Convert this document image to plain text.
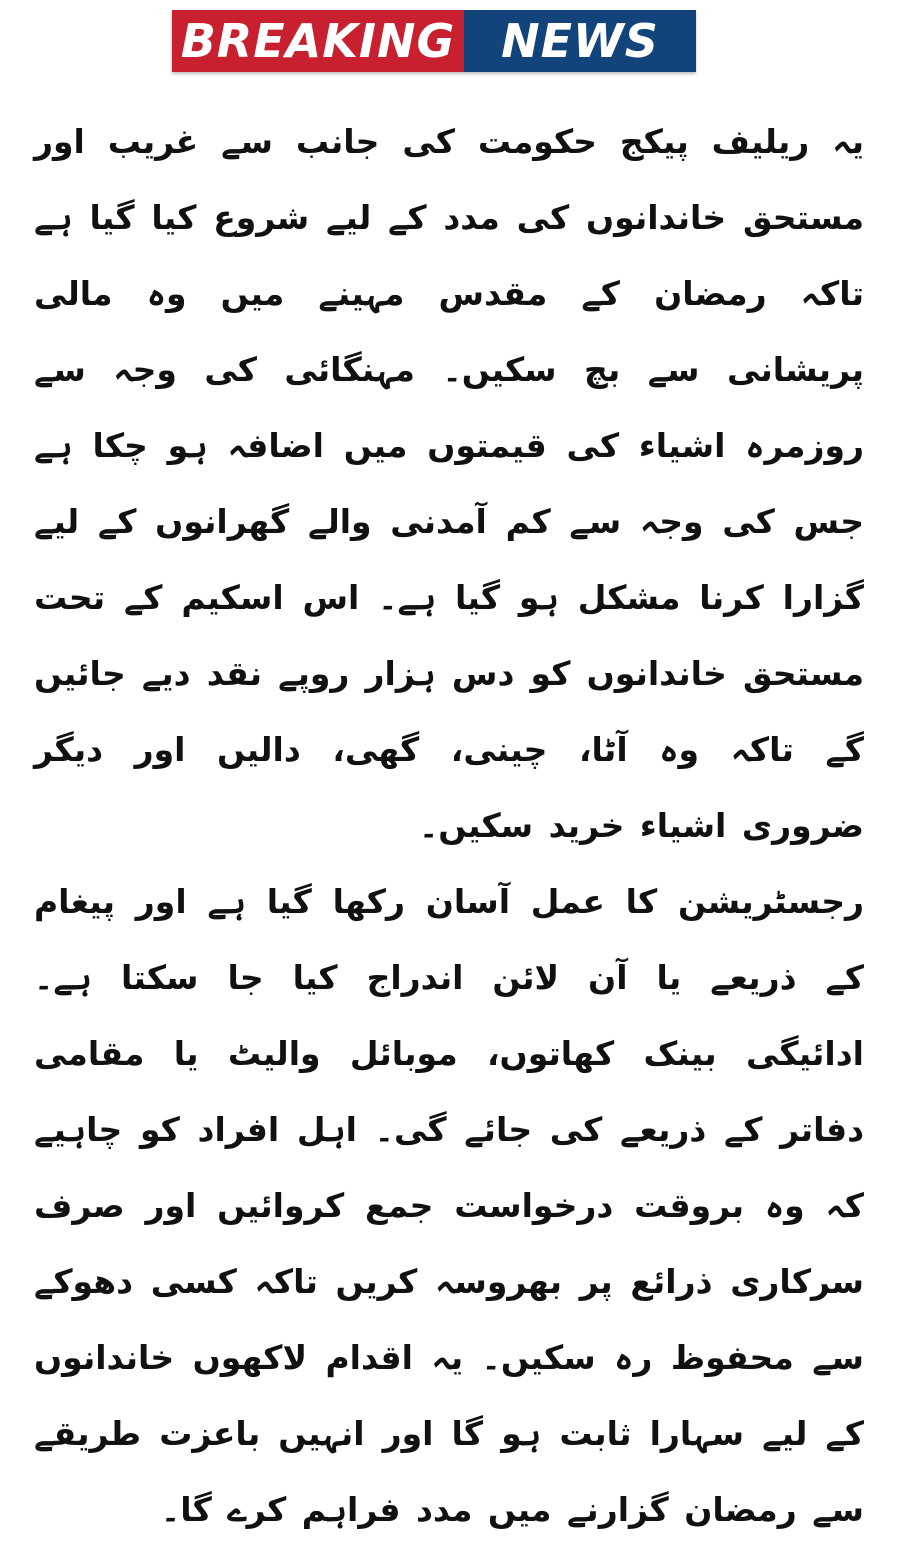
BREAKING NEWS

یہ ریلیف پیکج حکومت کی جانب سے غریب اور مستحق خاندانوں کی مدد کے لیے شروع کیا گیا ہے تاکہ رمضان کے مقدس مہینے میں وہ مالی پریشانی سے بچ سکیں۔ مہنگائی کی وجہ سے روزمرہ اشیاء کی قیمتوں میں اضافہ ہو چکا ہے جس کی وجہ سے کم آمدنی والے گھرانوں کے لیے گزارا کرنا مشکل ہو گیا ہے۔ اس اسکیم کے تحت مستحق خاندانوں کو دس ہزار روپے نقد دیے جائیں گے تاکہ وہ آٹا، چینی، گھی، دالیں اور دیگر ضروری اشیاء خرید سکیں۔

رجسٹریشن کا عمل آسان رکھا گیا ہے اور پیغام کے ذریعے یا آن لائن اندراج کیا جا سکتا ہے۔ ادائیگی بینک کھاتوں، موبائل والیٹ یا مقامی دفاتر کے ذریعے کی جائے گی۔ اہل افراد کو چاہیے کہ وہ بروقت درخواست جمع کروائیں اور صرف سرکاری ذرائع پر بھروسہ کریں تاکہ کسی دھوکے سے محفوظ رہ سکیں۔ یہ اقدام لاکھوں خاندانوں کے لیے سہارا ثابت ہو گا اور انہیں باعزت طریقے سے رمضان گزارنے میں مدد فراہم کرے گا۔
